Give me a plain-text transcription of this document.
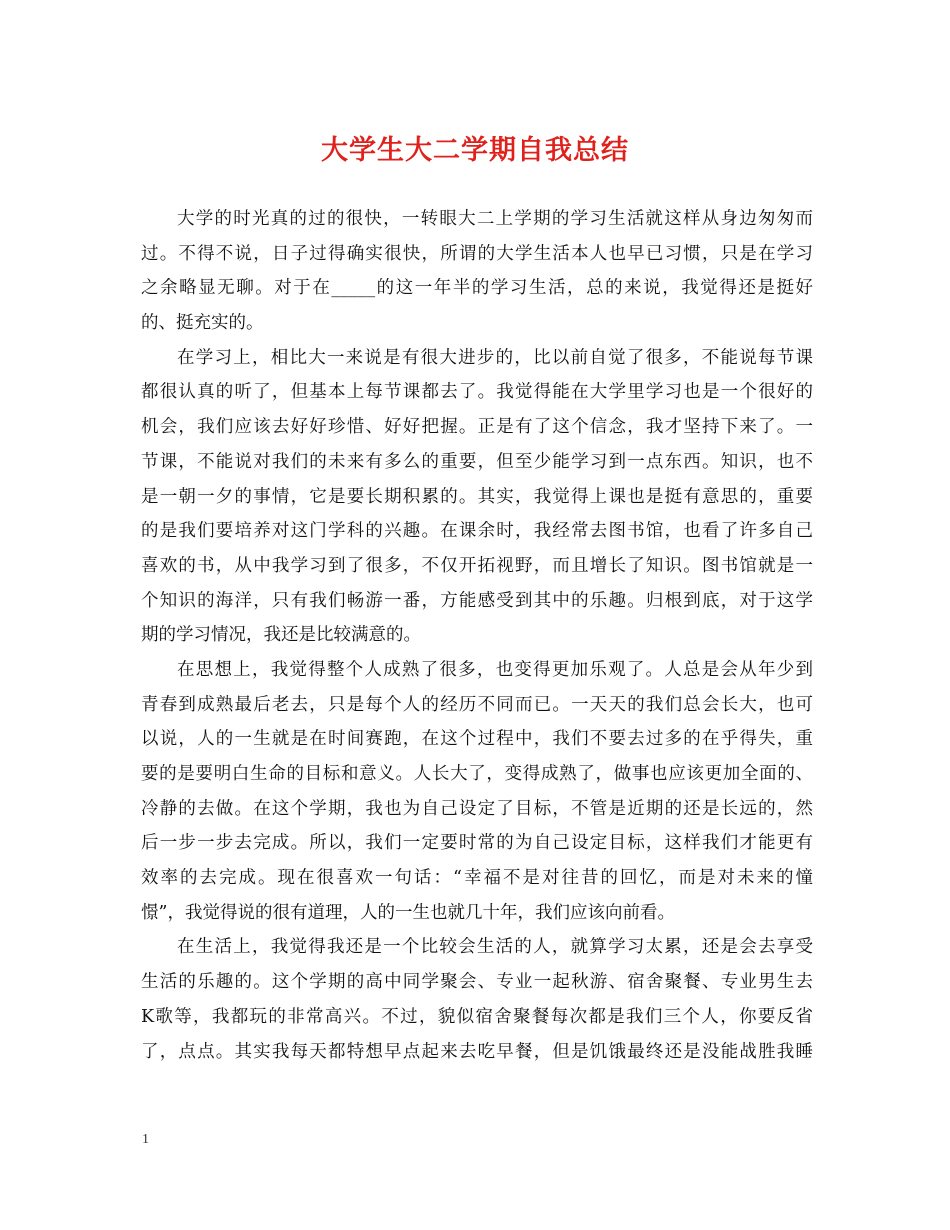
大学生大二学期自我总结
大学的时光真的过的很快，一转眼大二上学期的学习生活就这样从身边匆匆而
过。不得不说，日子过得确实很快，所谓的大学生活本人也早已习惯，只是在学习
之余略显无聊。对于在_____的这一年半的学习生活，总的来说，我觉得还是挺好
的、挺充实的。
在学习上，相比大一来说是有很大进步的，比以前自觉了很多，不能说每节课
都很认真的听了，但基本上每节课都去了。我觉得能在大学里学习也是一个很好的
机会，我们应该去好好珍惜、好好把握。正是有了这个信念，我才坚持下来了。一
节课，不能说对我们的未来有多么的重要，但至少能学习到一点东西。知识，也不
是一朝一夕的事情，它是要长期积累的。其实，我觉得上课也是挺有意思的，重要
的是我们要培养对这门学科的兴趣。在课余时，我经常去图书馆，也看了许多自己
喜欢的书，从中我学习到了很多，不仅开拓视野，而且增长了知识。图书馆就是一
个知识的海洋，只有我们畅游一番，方能感受到其中的乐趣。归根到底，对于这学
期的学习情况，我还是比较满意的。
在思想上，我觉得整个人成熟了很多，也变得更加乐观了。人总是会从年少到
青春到成熟最后老去，只是每个人的经历不同而已。一天天的我们总会长大，也可
以说，人的一生就是在时间赛跑，在这个过程中，我们不要去过多的在乎得失，重
要的是要明白生命的目标和意义。人长大了，变得成熟了，做事也应该更加全面的、
冷静的去做。在这个学期，我也为自己设定了目标，不管是近期的还是长远的，然
后一步一步去完成。所以，我们一定要时常的为自己设定目标，这样我们才能更有
效率的去完成。现在很喜欢一句话：“幸福不是对往昔的回忆，而是对未来的憧
憬”，我觉得说的很有道理，人的一生也就几十年，我们应该向前看。
在生活上，我觉得我还是一个比较会生活的人，就算学习太累，还是会去享受
生活的乐趣的。这个学期的高中同学聚会、专业一起秋游、宿舍聚餐、专业男生去
K歌等，我都玩的非常高兴。不过，貌似宿舍聚餐每次都是我们三个人，你要反省
了，点点。其实我每天都特想早点起来去吃早餐，但是饥饿最终还是没能战胜我睡
1
